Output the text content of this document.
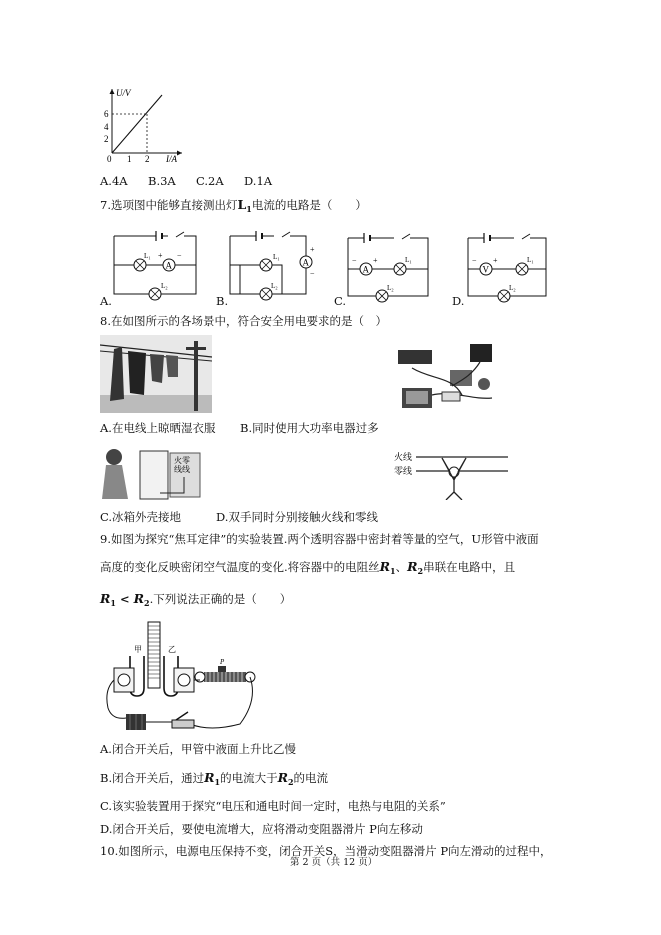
U/V
I/A
6
4
2
0 1 2
A.4A B.3A C.2A D.1A
7.选项图中能够直接测出灯$L_1$电流的电路是（　　）
A
L₁ + −
L₂
A.
A
+
−
L₁
L₂
B.
A
− +	L₁
L₂
C.
V
− +	L₁
L₂
D.
8.在如图所示的各场景中，符合安全用电要求的是（　）
A.在电线上晾晒湿衣服 B.同时使用大功率电器过多
火零
线线
火线
零线
C.冰箱外壳接地	D.双手同时分别接触火线和零线
9.如图为探究“焦耳定律”的实验装置.两个透明容器中密封着等量的空气，U形管中液面
高度的变化反映密闭空气温度的变化.将容器中的电阻丝$R_1$、$R_2$串联在电路中，且
$R_1 < R_2$.下列说法正确的是（　　）
甲	乙
P
A.闭合开关后，甲管中液面上升比乙慢
B.闭合开关后，通过$R_1$的电流大于$R_2$的电流
C.该实验装置用于探究“电压和通电时间一定时，电热与电阻的关系”
D.闭合开关后，要使电流增大，应将滑动变阻器滑片 P向左移动
10.如图所示，电源电压保持不变，闭合开关S，当滑动变阻器滑片 P向左滑动的过程中，
第 2 页（共 12 页）
